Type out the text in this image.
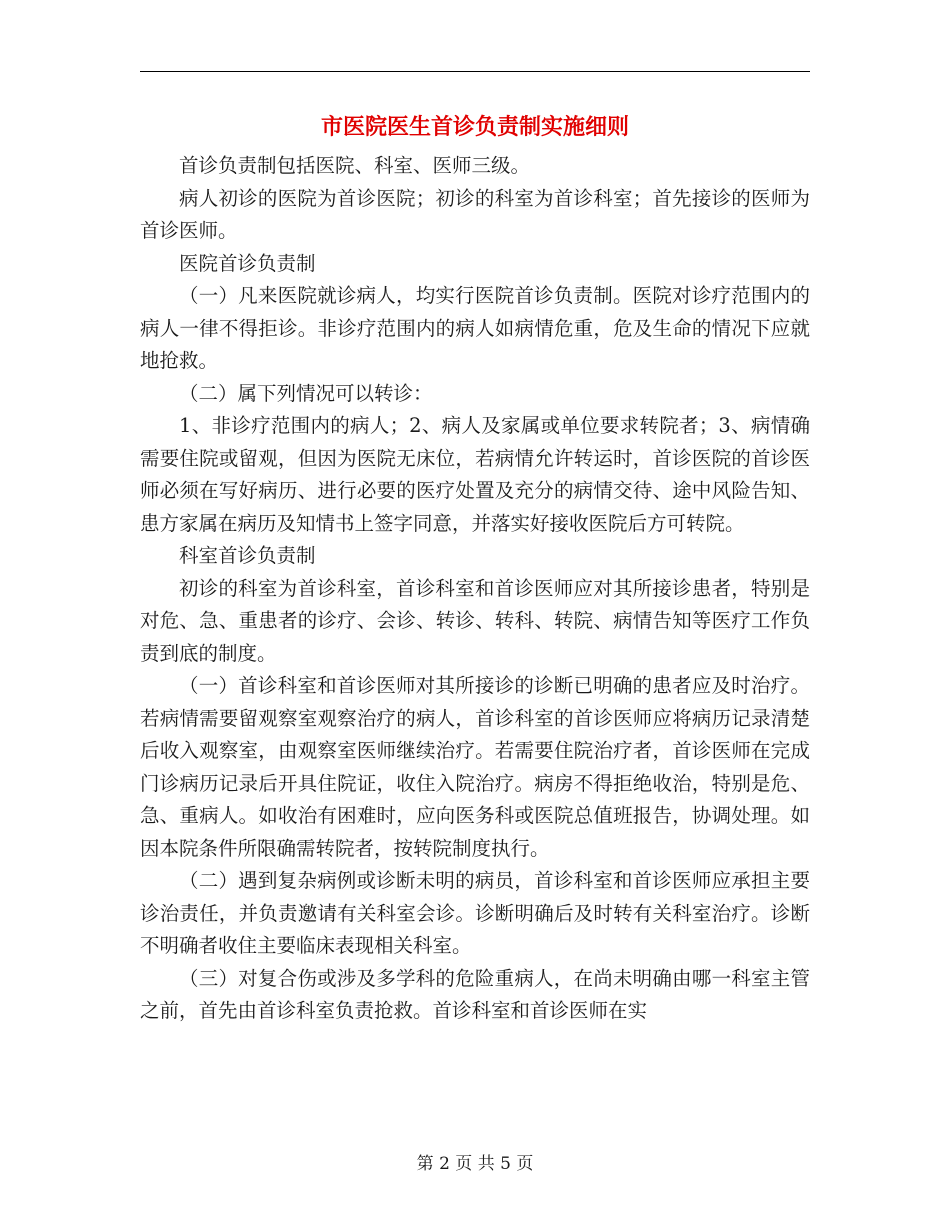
市医院医生首诊负责制实施细则

首诊负责制包括医院、科室、医师三级。

病人初诊的医院为首诊医院；初诊的科室为首诊科室；首先接诊的医师为首诊医师。

医院首诊负责制

（一）凡来医院就诊病人，均实行医院首诊负责制。医院对诊疗范围内的病人一律不得拒诊。非诊疗范围内的病人如病情危重，危及生命的情况下应就地抢救。

（二）属下列情况可以转诊：

1、非诊疗范围内的病人；2、病人及家属或单位要求转院者；3、病情确需要住院或留观，但因为医院无床位，若病情允许转运时，首诊医院的首诊医师必须在写好病历、进行必要的医疗处置及充分的病情交待、途中风险告知、患方家属在病历及知情书上签字同意，并落实好接收医院后方可转院。

科室首诊负责制

初诊的科室为首诊科室，首诊科室和首诊医师应对其所接诊患者，特别是对危、急、重患者的诊疗、会诊、转诊、转科、转院、病情告知等医疗工作负责到底的制度。

（一）首诊科室和首诊医师对其所接诊的诊断已明确的患者应及时治疗。若病情需要留观察室观察治疗的病人，首诊科室的首诊医师应将病历记录清楚后收入观察室，由观察室医师继续治疗。若需要住院治疗者，首诊医师在完成门诊病历记录后开具住院证，收住入院治疗。病房不得拒绝收治，特别是危、急、重病人。如收治有困难时，应向医务科或医院总值班报告，协调处理。如因本院条件所限确需转院者，按转院制度执行。

（二）遇到复杂病例或诊断未明的病员，首诊科室和首诊医师应承担主要诊治责任，并负责邀请有关科室会诊。诊断明确后及时转有关科室治疗。诊断不明确者收住主要临床表现相关科室。

（三）对复合伤或涉及多学科的危险重病人，在尚未明确由哪一科室主管之前，首先由首诊科室负责抢救。首诊科室和首诊医师在实

第 2 页 共 5 页
